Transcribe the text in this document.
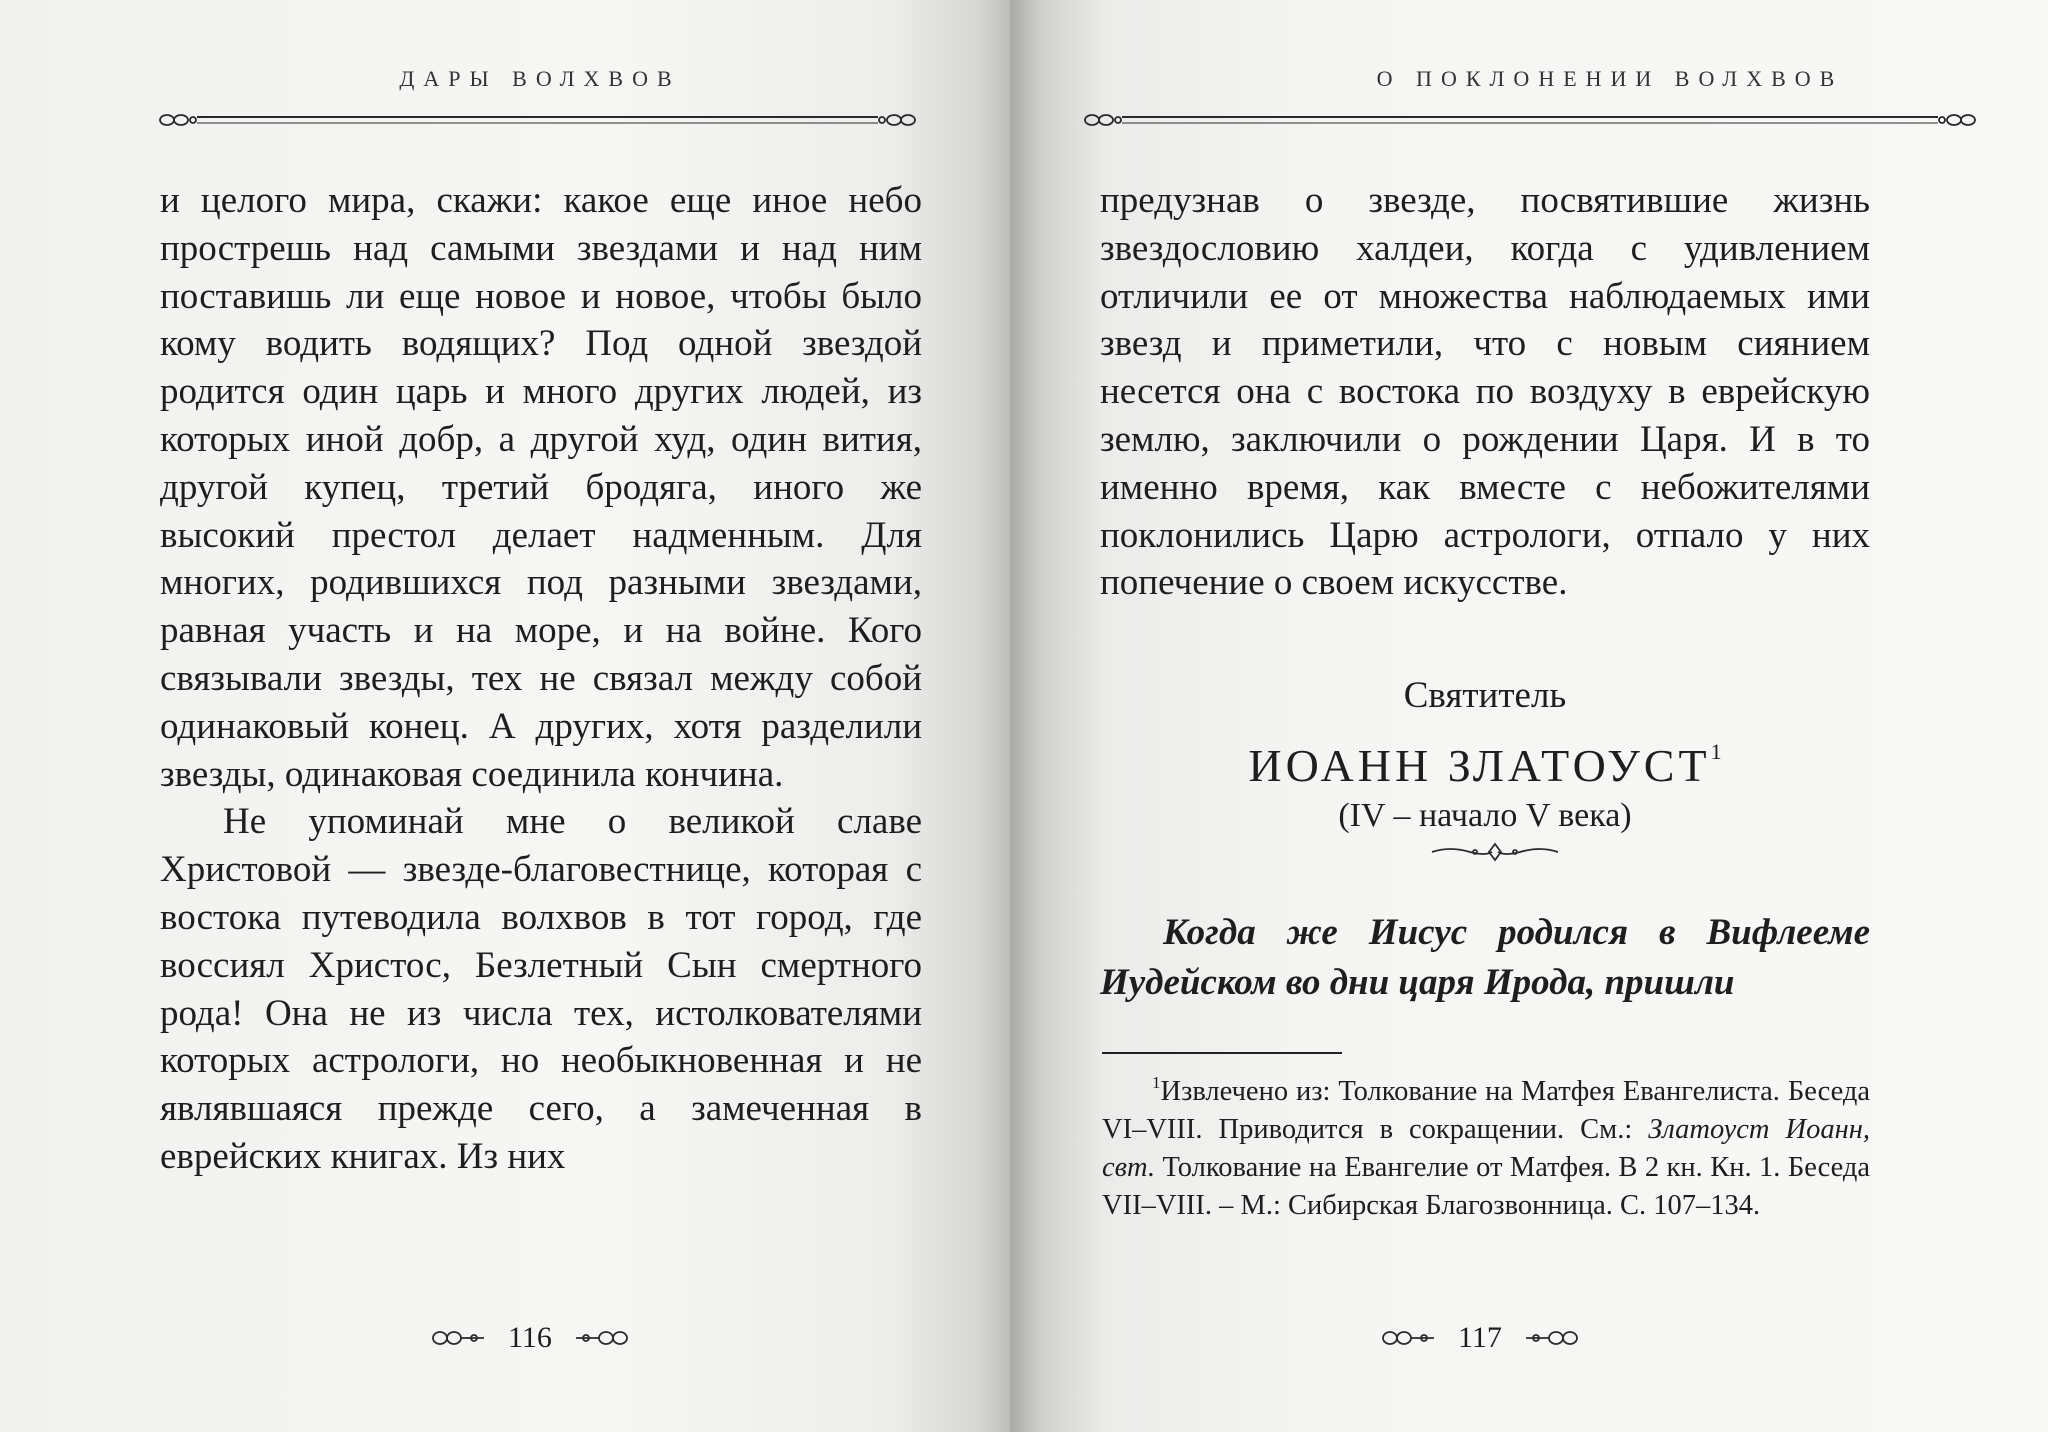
ДАРЫ ВОЛХВОВ

и целого мира, скажи: какое еще иное небо прострешь над самыми звездами и над ним поставишь ли еще новое и новое, чтобы было кому водить водящих? Под одной звездой родится один царь и много других людей, из которых иной добр, а другой худ, один вития, другой купец, третий бродяга, иного же высокий престол делает надменным. Для многих, родившихся под разными звездами, равная участь и на море, и на войне. Кого связывали звезды, тех не связал между собой одинаковый конец. А других, хотя разделили звезды, одинаковая соединила кончина.

Не упоминай мне о великой славе Христовой — звезде-благовестнице, которая с востока путеводила волхвов в тот город, где воссиял Христос, Безлетный Сын смертного рода! Она не из числа тех, истолкователями которых астрологи, но необыкновенная и не являвшаяся прежде сего, а замеченная в еврейских книгах. Из них

116
О ПОКЛОНЕНИИ ВОЛХВОВ

предузнав о звезде, посвятившие жизнь звездословию халдеи, когда с удивлением отличили ее от множества наблюдаемых ими звезд и приметили, что с новым сиянием несется она с востока по воздуху в еврейскую землю, заключили о рождении Царя. И в то именно время, как вместе с небожителями поклонились Царю астрологи, отпало у них попечение о своем искусстве.

Святитель
ИОАНН ЗЛАТОУСТ$^1$
(IV – начало V века)

Когда же Иисус родился в Вифлееме Иудейском во дни царя Ирода, пришли

$^1$Извлечено из: Толкование на Матфея Евангелиста. Беседа VI–VIII. Приводится в сокращении. См.: Златоуст Иоанн, свт. Толкование на Евангелие от Матфея. В 2 кн. Кн. 1. Беседа VII–VIII. – М.: Сибирская Благозвонница. С. 107–134.

117
